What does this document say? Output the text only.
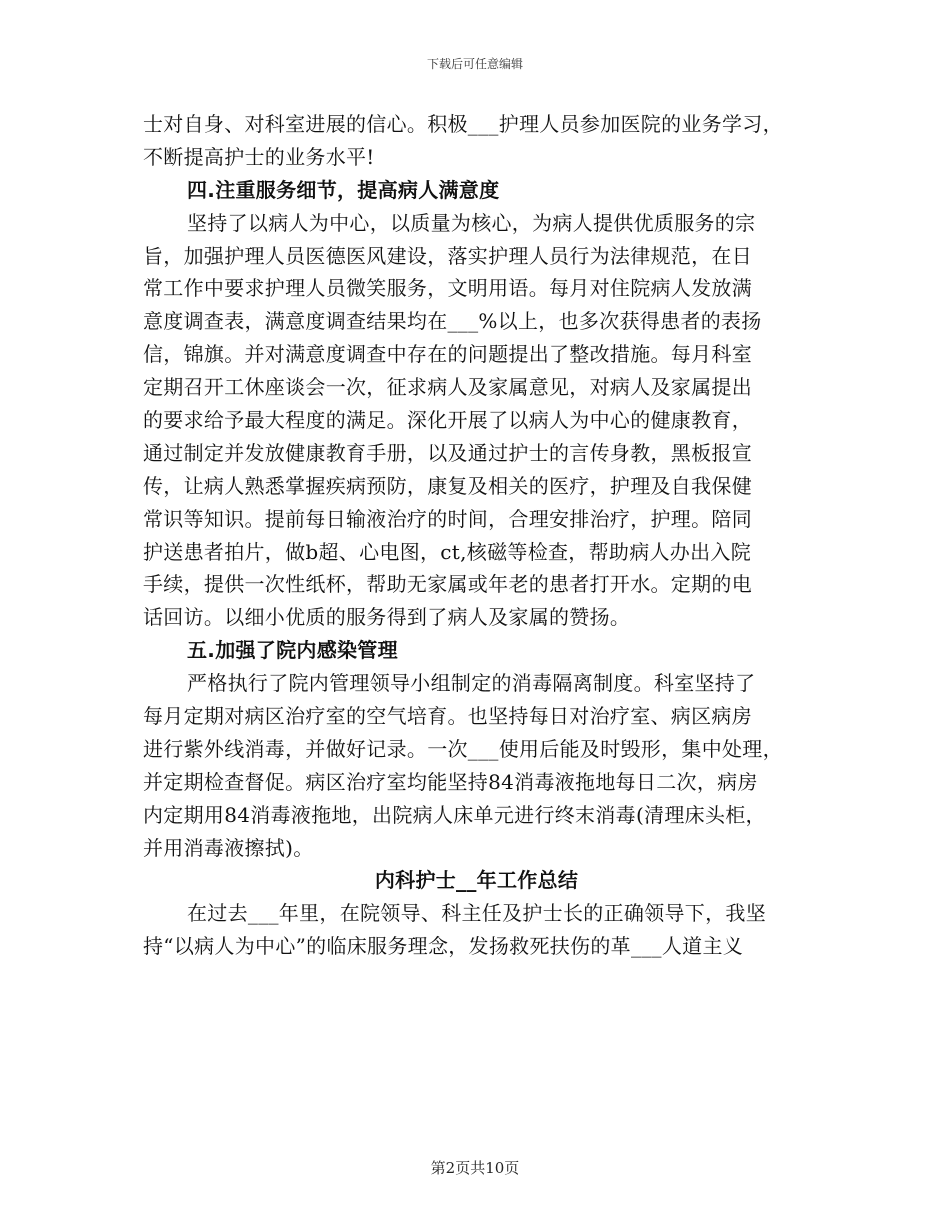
下载后可任意编辑
士对自身、对科室进展的信心。积极___护理人员参加医院的业务学习，
不断提高护士的业务水平!
四.注重服务细节，提高病人满意度
坚持了以病人为中心，以质量为核心，为病人提供优质服务的宗
旨，加强护理人员医德医风建设，落实护理人员行为法律规范，在日
常工作中要求护理人员微笑服务，文明用语。每月对住院病人发放满
意度调查表，满意度调查结果均在___%以上，也多次获得患者的表扬
信，锦旗。并对满意度调查中存在的问题提出了整改措施。每月科室
定期召开工休座谈会一次，征求病人及家属意见，对病人及家属提出
的要求给予最大程度的满足。深化开展了以病人为中心的健康教育，
通过制定并发放健康教育手册，以及通过护士的言传身教，黑板报宣
传，让病人熟悉掌握疾病预防，康复及相关的医疗，护理及自我保健
常识等知识。提前每日输液治疗的时间，合理安排治疗，护理。陪同
护送患者拍片，做b超、心电图，ct,核磁等检查，帮助病人办出入院
手续，提供一次性纸杯，帮助无家属或年老的患者打开水。定期的电
话回访。以细小优质的服务得到了病人及家属的赞扬。
五.加强了院内感染管理
严格执行了院内管理领导小组制定的消毒隔离制度。科室坚持了
每月定期对病区治疗室的空气培育。也坚持每日对治疗室、病区病房
进行紫外线消毒，并做好记录。一次___使用后能及时毁形，集中处理，
并定期检查督促。病区治疗室均能坚持84消毒液拖地每日二次，病房
内定期用84消毒液拖地，出院病人床单元进行终末消毒(清理床头柜，
并用消毒液擦拭)。
内科护士__年工作总结
在过去___年里，在院领导、科主任及护士长的正确领导下，我坚
持“以病人为中心”的临床服务理念，发扬救死扶伤的革___人道主义
第2页共10页
